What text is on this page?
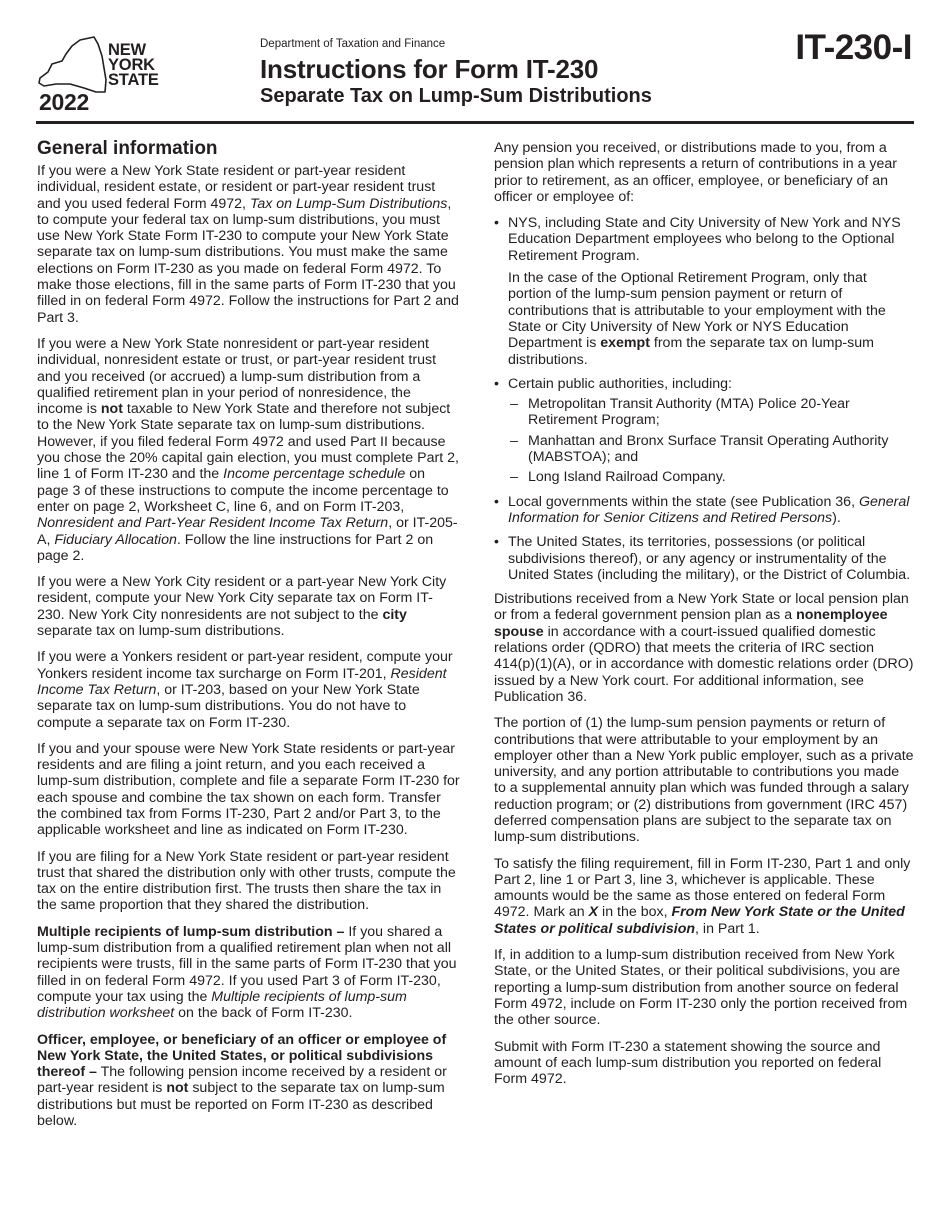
NEW
YORK
STATE
2022
Department of Taxation and Finance
Instructions for Form IT-230
Separate Tax on Lump-Sum Distributions
IT-230-I
General information

If you were a New York State resident or part-year resident individual, resident estate, or resident or part-year resident trust and you used federal Form 4972, Tax on Lump-Sum Distributions, to compute your federal tax on lump-sum distributions, you must use New York State Form IT-230 to compute your New York State separate tax on lump-sum distributions. You must make the same elections on Form IT-230 as you made on federal Form 4972. To make those elections, fill in the same parts of Form IT-230 that you filled in on federal Form 4972. Follow the instructions for Part 2 and Part 3.

If you were a New York State nonresident or part-year resident individual, nonresident estate or trust, or part-year resident trust and you received (or accrued) a lump-sum distribution from a qualified retirement plan in your period of nonresidence, the income is not taxable to New York State and therefore not subject to the New York State separate tax on lump-sum distributions. However, if you filed federal Form 4972 and used Part II because you chose the 20% capital gain election, you must complete Part 2, line 1 of Form IT-230 and the Income percentage schedule on page 3 of these instructions to compute the income percentage to enter on page 2, Worksheet C, line 6, and on Form IT-203, Nonresident and Part-Year Resident Income Tax Return, or IT-205-A, Fiduciary Allocation. Follow the line instructions for Part 2 on page 2.

If you were a New York City resident or a part-year New York City resident, compute your New York City separate tax on Form IT-230. New York City nonresidents are not subject to the city separate tax on lump-sum distributions.

If you were a Yonkers resident or part-year resident, compute your Yonkers resident income tax surcharge on Form IT-201, Resident Income Tax Return, or IT-203, based on your New York State separate tax on lump-sum distributions. You do not have to compute a separate tax on Form IT-230.

If you and your spouse were New York State residents or part-year residents and are filing a joint return, and you each received a lump-sum distribution, complete and file a separate Form IT-230 for each spouse and combine the tax shown on each form. Transfer the combined tax from Forms IT-230, Part 2 and/or Part 3, to the applicable worksheet and line as indicated on Form IT-230.

If you are filing for a New York State resident or part-year resident trust that shared the distribution only with other trusts, compute the tax on the entire distribution first. The trusts then share the tax in the same proportion that they shared the distribution.

Multiple recipients of lump-sum distribution – If you shared a lump-sum distribution from a qualified retirement plan when not all recipients were trusts, fill in the same parts of Form IT-230 that you filled in on federal Form 4972. If you used Part 3 of Form IT-230, compute your tax using the Multiple recipients of lump-sum distribution worksheet on the back of Form IT-230.

Officer, employee, or beneficiary of an officer or employee of New York State, the United States, or political subdivisions thereof – The following pension income received by a resident or part-year resident is not subject to the separate tax on lump-sum distributions but must be reported on Form IT-230 as described below.

Any pension you received, or distributions made to you, from a pension plan which represents a return of contributions in a year prior to retirement, as an officer, employee, or beneficiary of an officer or employee of:

• NYS, including State and City University of New York and NYS Education Department employees who belong to the Optional Retirement Program.

In the case of the Optional Retirement Program, only that portion of the lump-sum pension payment or return of contributions that is attributable to your employment with the State or City University of New York or NYS Education Department is exempt from the separate tax on lump-sum distributions.

• Certain public authorities, including:
– Metropolitan Transit Authority (MTA) Police 20-Year Retirement Program;
– Manhattan and Bronx Surface Transit Operating Authority (MABSTOA); and
– Long Island Railroad Company.
• Local governments within the state (see Publication 36, General Information for Senior Citizens and Retired Persons).
• The United States, its territories, possessions (or political subdivisions thereof), or any agency or instrumentality of the United States (including the military), or the District of Columbia.

Distributions received from a New York State or local pension plan or from a federal government pension plan as a nonemployee spouse in accordance with a court-issued qualified domestic relations order (QDRO) that meets the criteria of IRC section 414(p)(1)(A), or in accordance with domestic relations order (DRO) issued by a New York court. For additional information, see Publication 36.

The portion of (1) the lump-sum pension payments or return of contributions that were attributable to your employment by an employer other than a New York public employer, such as a private university, and any portion attributable to contributions you made to a supplemental annuity plan which was funded through a salary reduction program; or (2) distributions from government (IRC 457) deferred compensation plans are subject to the separate tax on lump-sum distributions.

To satisfy the filing requirement, fill in Form IT-230, Part 1 and only Part 2, line 1 or Part 3, line 3, whichever is applicable. These amounts would be the same as those entered on federal Form 4972. Mark an X in the box, From New York State or the United States or political subdivision, in Part 1.

If, in addition to a lump-sum distribution received from New York State, or the United States, or their political subdivisions, you are reporting a lump-sum distribution from another source on federal Form 4972, include on Form IT-230 only the portion received from the other source.

Submit with Form IT-230 a statement showing the source and amount of each lump-sum distribution you reported on federal Form 4972.
